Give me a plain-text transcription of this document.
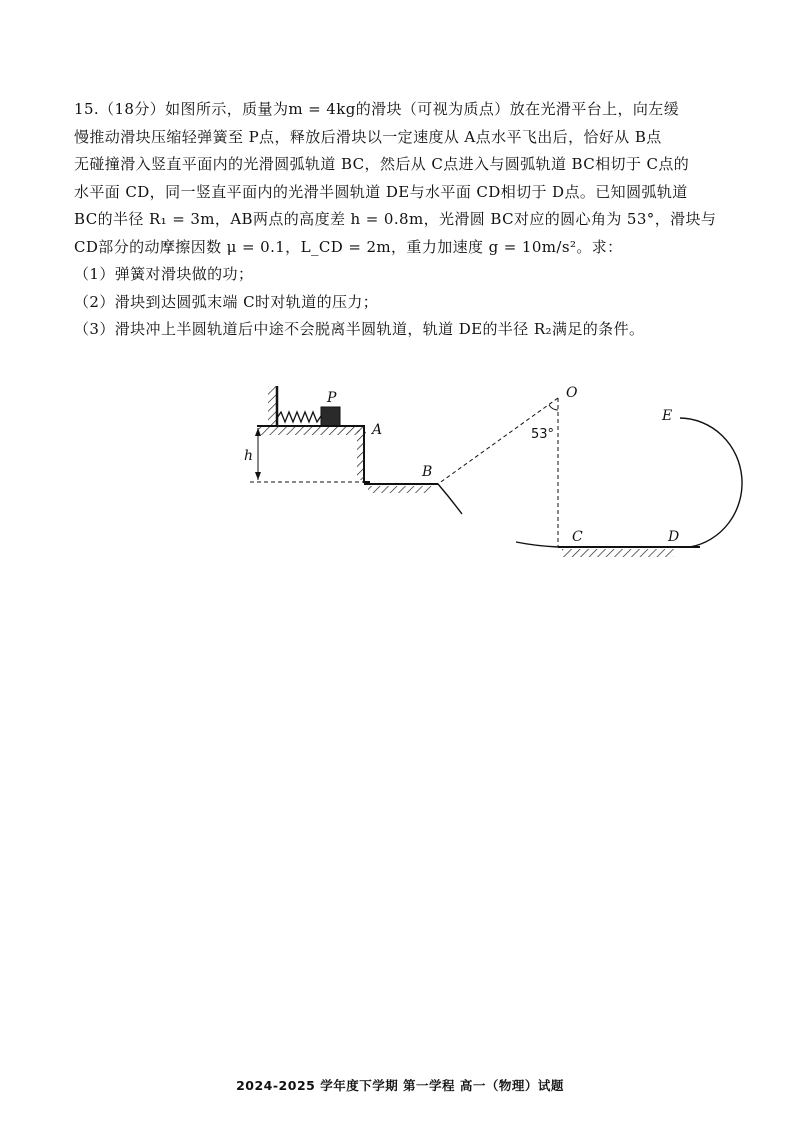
15.（18分）如图所示，质量为m = 4kg的滑块（可视为质点）放在光滑平台上，向左缓

慢推动滑块压缩轻弹簧至 P点，释放后滑块以一定速度从 A点水平飞出后，恰好从 B点

无碰撞滑入竖直平面内的光滑圆弧轨道 BC，然后从 C点进入与圆弧轨道 BC相切于 C点的

水平面 CD，同一竖直平面内的光滑半圆轨道 DE与水平面 CD相切于 D点。已知圆弧轨道

BC的半径 R₁ = 3m，AB两点的高度差 h = 0.8m，光滑圆 BC对应的圆心角为 53°，滑块与

CD部分的动摩擦因数 μ = 0.1，L_CD = 2m，重力加速度 g = 10m/s²。求：

（1）弹簧对滑块做的功；

（2）滑块到达圆弧末端 C时对轨道的压力；

（3）滑块冲上半圆轨道后中途不会脱离半圆轨道，轨道 DE的半径 R₂满足的条件。

P
A
h
B
O
53°
C	D
E
2024-2025 学年度下学期 第一学程 高一（物理）试题
